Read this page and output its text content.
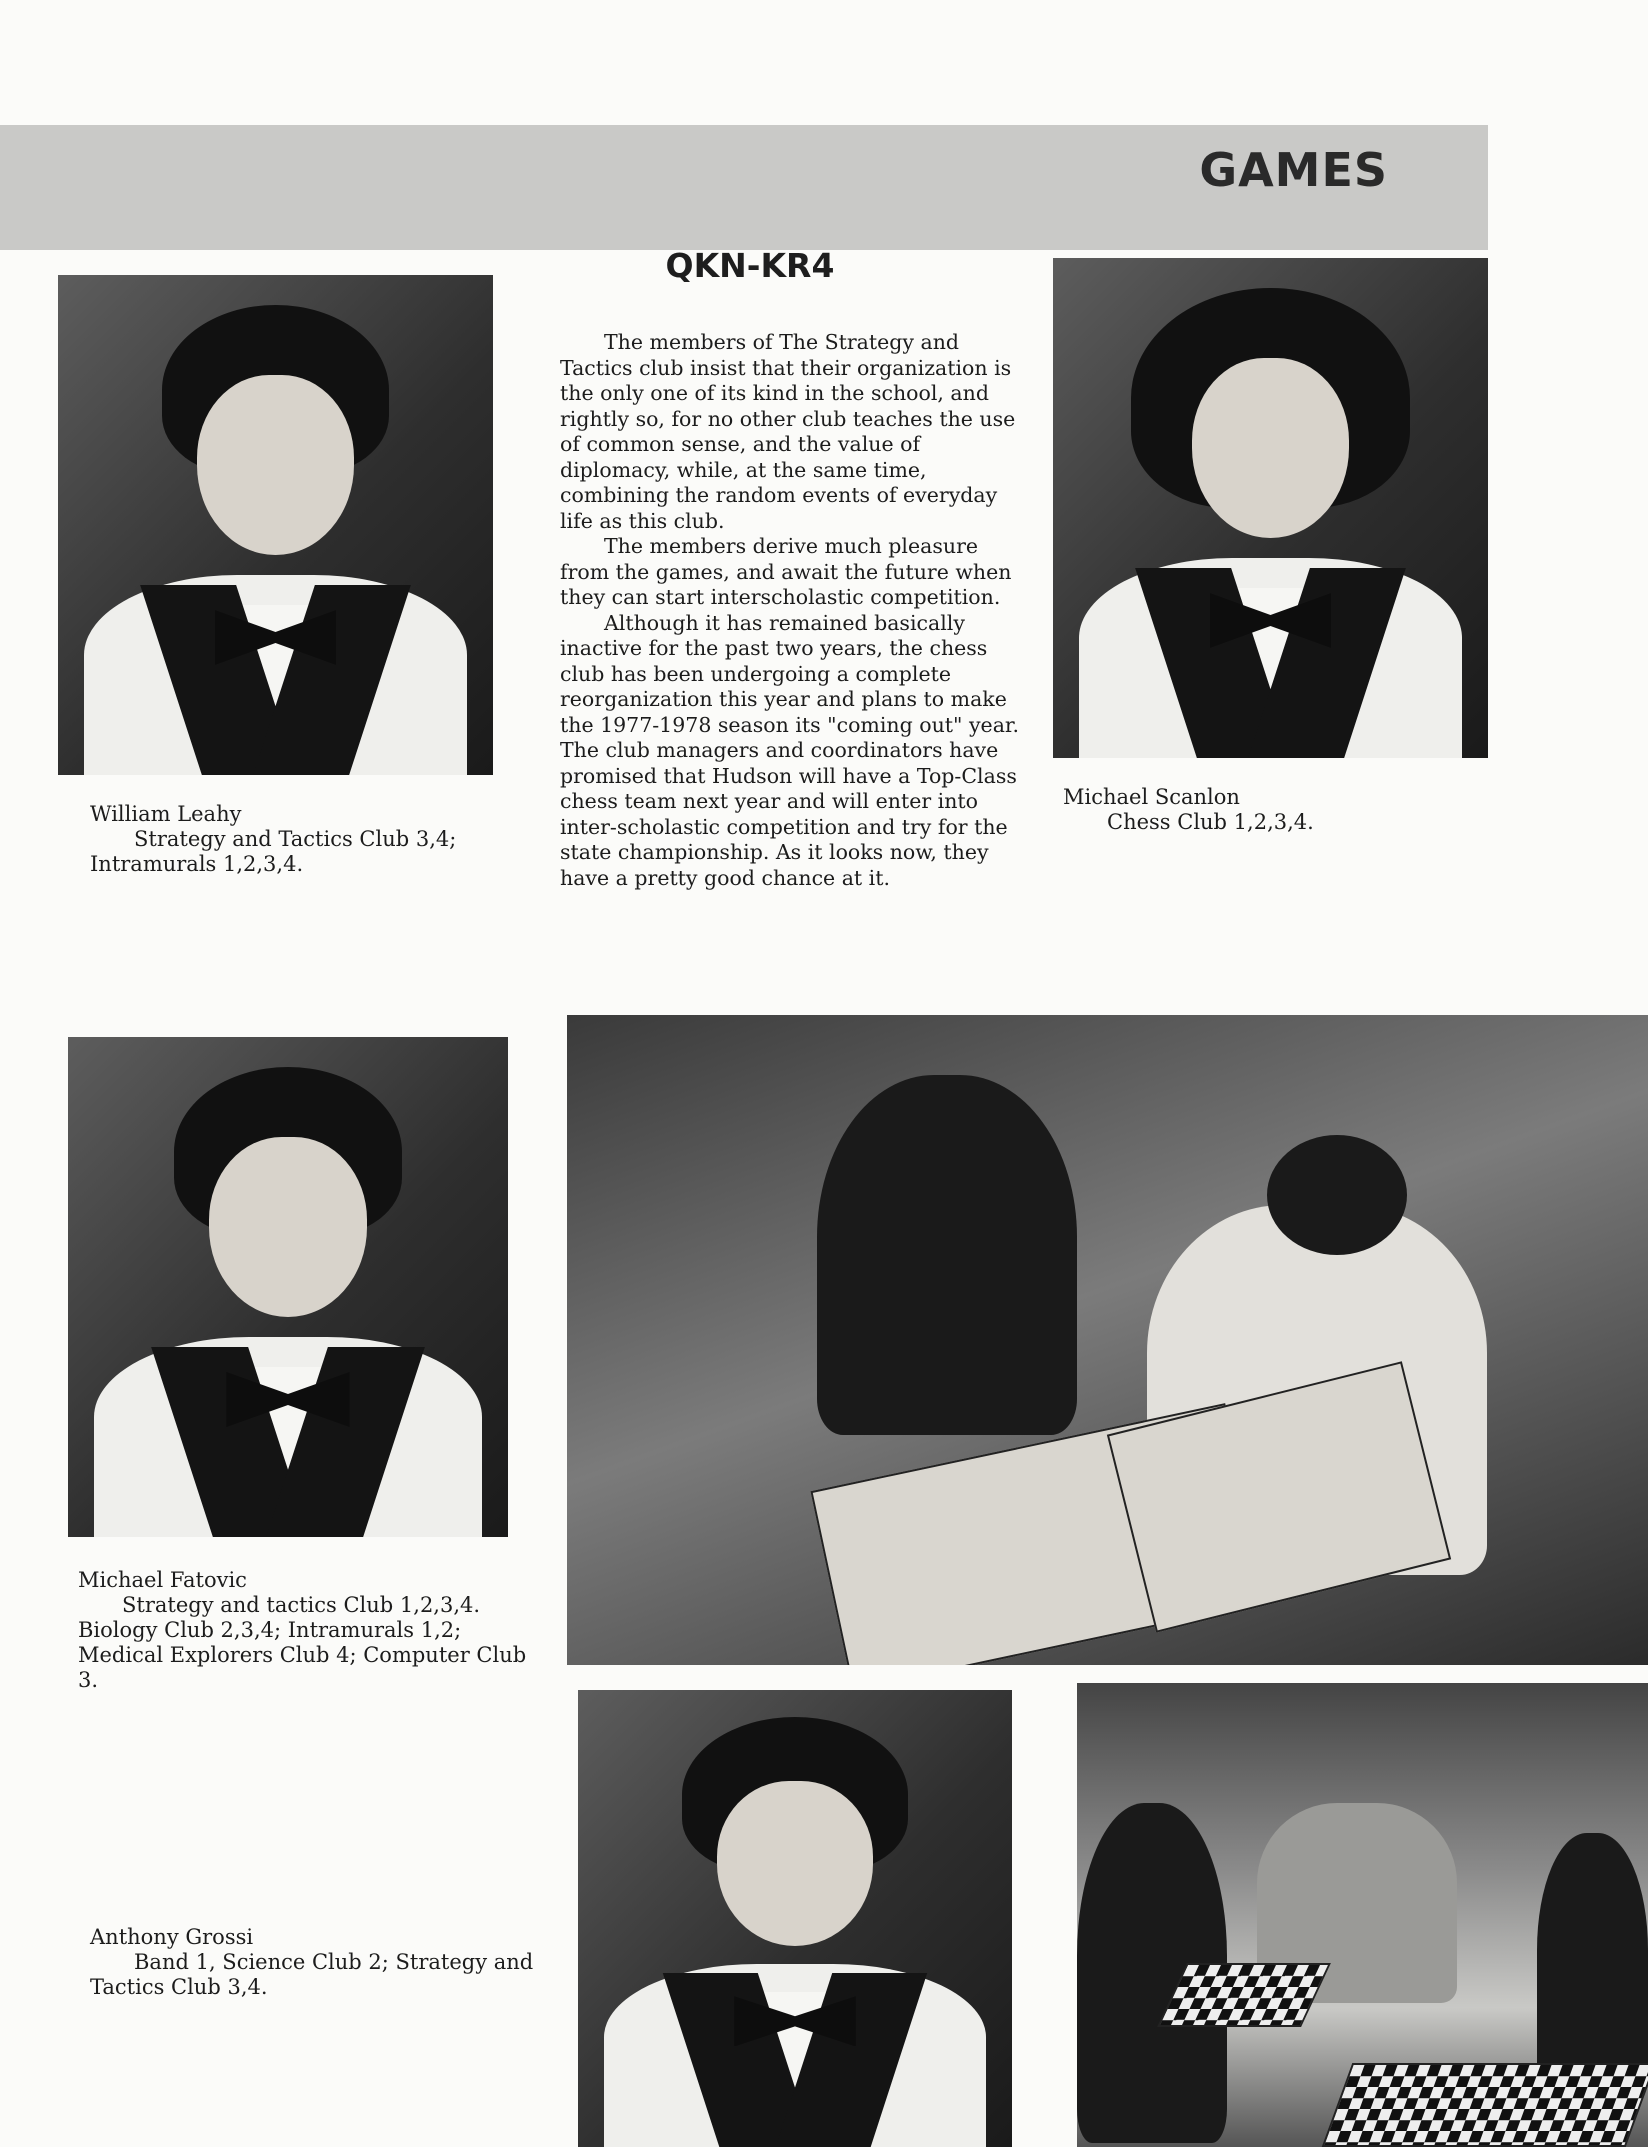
GAMES
QKN-KR4

The members of The Strategy and Tactics club insist that their organization is the only one of its kind in the school, and rightly so, for no other club teaches the use of common sense, and the value of diplomacy, while, at the same time, combining the random events of everyday life as this club.

The members derive much pleasure from the games, and await the future when they can start interscholastic competition.

Although it has remained basically inactive for the past two years, the chess club has been undergoing a complete reorganization this year and plans to make the 1977-1978 season its "coming out" year. The club managers and coordinators have promised that Hudson will have a Top-Class chess team next year and will enter into inter-scholastic competition and try for the state championship. As it looks now, they have a pretty good chance at it.

William Leahy
Strategy and Tactics Club 3,4; Intramurals 1,2,3,4.
Michael Scanlon
Chess Club 1,2,3,4.
Michael Fatovic
Strategy and tactics Club 1,2,3,4. Biology Club 2,3,4; Intramurals 1,2; Medical Explorers Club 4; Computer Club 3.
Anthony Grossi
Band 1, Science Club 2; Strategy and Tactics Club 3,4.
